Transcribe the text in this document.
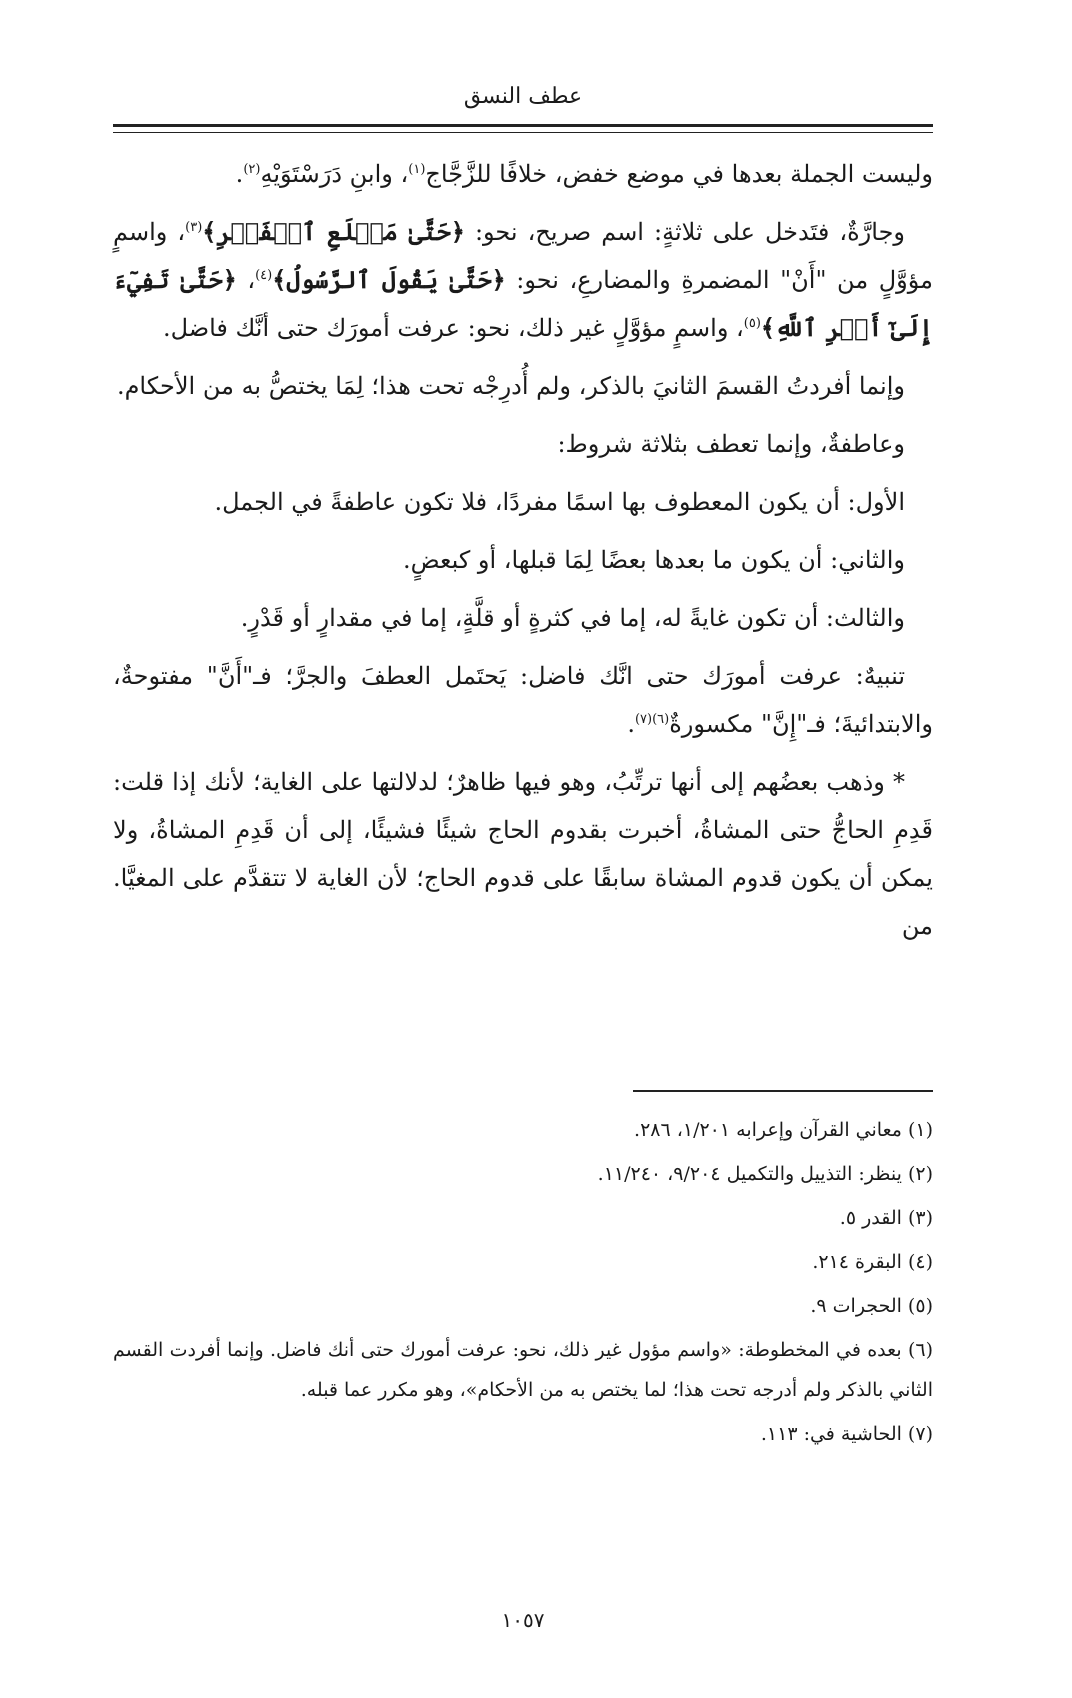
عطف النسق

وليست الجملة بعدها في موضع خفض، خلافًا للزَّجَّاج$^{(١)}$، وابنِ دَرَسْتَوَيْهِ$^{(٢)}$.

وجارَّةٌ، فتَدخل على ثلاثةٍ: اسم صريح، نحو: ﴿حَتَّىٰ مَطۡلَعِ ٱلۡفَجۡرِ﴾$^{(٣)}$، واسمٍ مؤوَّلٍ من "أَنْ" المضمرةِ والمضارعِ، نحو: ﴿حَتَّىٰ يَقُولَ ٱلرَّسُولُ﴾$^{(٤)}$، ﴿حَتَّىٰ تَفِيٓءَ إِلَىٰٓ أَمۡرِ ٱللَّهِ﴾$^{(٥)}$، واسمٍ مؤوَّلٍ غير ذلك، نحو: عرفت أمورَك حتى أنَّك فاضل.

وإنما أفردتُ القسمَ الثانيَ بالذكر، ولم أُدرِجْه تحت هذا؛ لِمَا يختصُّ به من الأحكام.

وعاطفةٌ، وإنما تعطف بثلاثة شروط:

الأول: أن يكون المعطوف بها اسمًا مفردًا، فلا تكون عاطفةً في الجمل.

والثاني: أن يكون ما بعدها بعضًا لِمَا قبلها، أو كبعضٍ.

والثالث: أن تكون غايةً له، إما في كثرةٍ أو قلَّةٍ، إما في مقدارٍ أو قَدْرٍ.

تنبيهٌ: عرفت أمورَك حتى انَّك فاضل: يَحتَمل العطفَ والجرَّ؛ فـ"أَنَّ" مفتوحةٌ، والابتدائيةَ؛ فـ"إِنَّ" مكسورةٌ$^{(٦)(٧)}$.

* وذهب بعضُهم إلى أنها ترتِّبُ، وهو فيها ظاهرٌ؛ لدلالتها على الغاية؛ لأنك إذا قلت: قَدِمِ الحاجُّ حتى المشاةُ، أخبرت بقدوم الحاج شيئًا فشيئًا، إلى أن قَدِمِ المشاةُ، ولا يمكن أن يكون قدوم المشاة سابقًا على قدوم الحاج؛ لأن الغاية لا تتقدَّم على المغيَّا. من

(١) معاني القرآن وإعرابه ١/٢٠١، ٢٨٦.
(٢) ينظر: التذييل والتكميل ٩/٢٠٤، ١١/٢٤٠.
(٣) القدر ٥.
(٤) البقرة ٢١٤.
(٥) الحجرات ٩.
(٦) بعده في المخطوطة: «واسم مؤول غير ذلك، نحو: عرفت أمورك حتى أنك فاضل. وإنما أفردت القسم الثاني بالذكر ولم أدرجه تحت هذا؛ لما يختص به من الأحكام»، وهو مكرر عما قبله.
(٧) الحاشية في: ١١٣.
١٠٥٧
